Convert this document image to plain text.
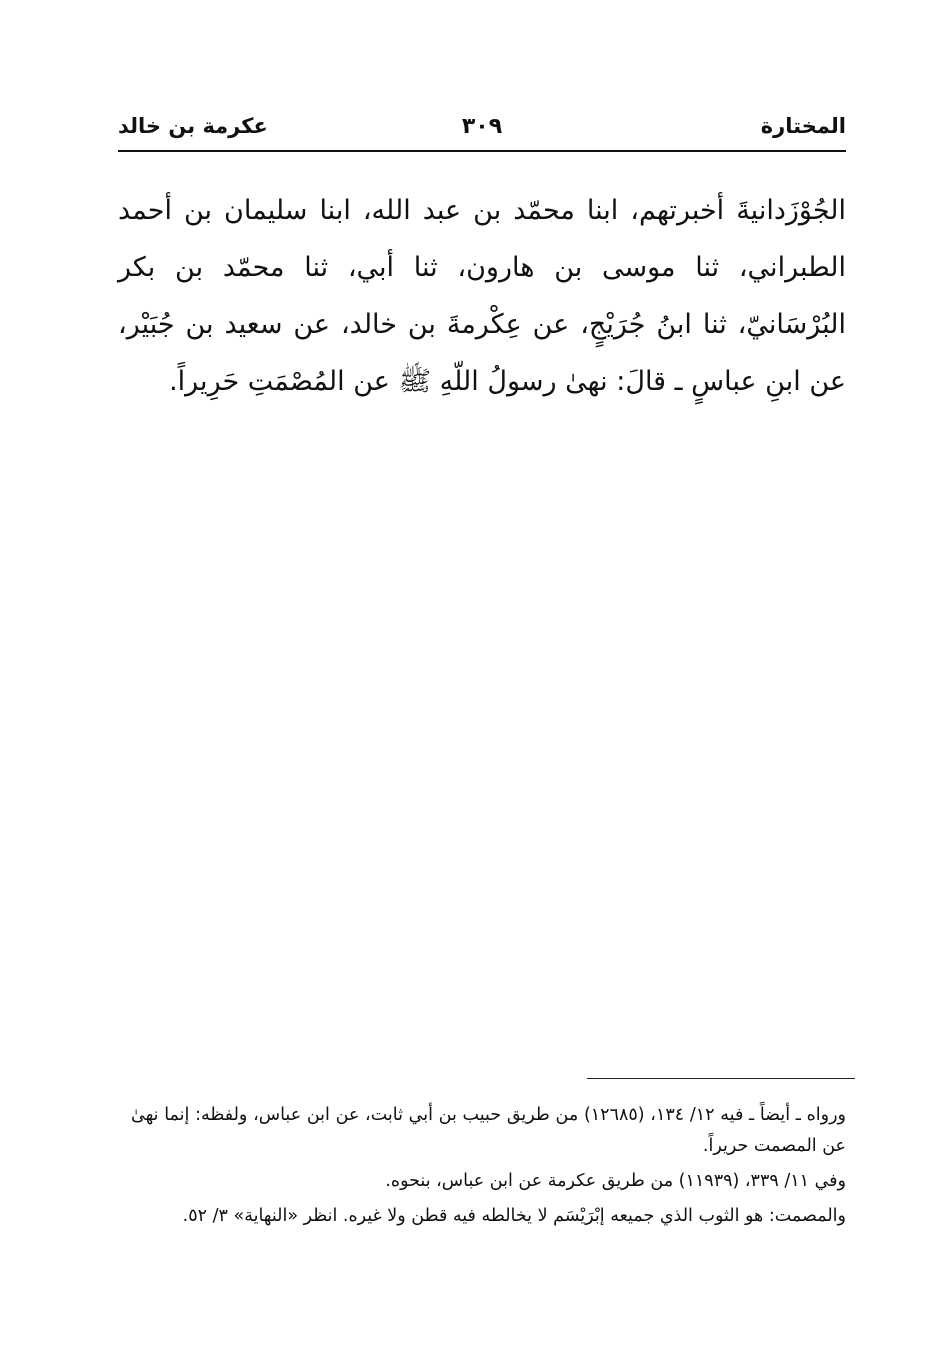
المختارة
٣٠٩
عكرمة بن خالد

الجُوْزَدانيةَ أخبرتهم، ابنا محمّد بن عبد الله، ابنا سليمان بن أحمد الطبراني، ثنا موسى بن هارون، ثنا أبي، ثنا محمّد بن بكر البُرْسَانيّ، ثنا ابنُ جُرَيْجٍ، عن عِكْرمةَ بن خالد، عن سعيد بن جُبَيْر، عن ابنِ عباسٍ ـ قالَ: نهىٰ رسولُ اللّهِ ﷺ عن المُصْمَتِ حَرِيراً.

ورواه ـ أيضاً ـ فيه ١٢/ ١٣٤، (١٢٦٨٥) من طريق حبيب بن أبي ثابت، عن ابن عباس، ولفظه: إنما نهىٰ عن المصمت حريراً.

وفي ١١/ ٣٣٩، (١١٩٣٩) من طريق عكرمة عن ابن عباس، بنحوه.

والمصمت: هو الثوب الذي جميعه إبْرَيْسَم لا يخالطه فيه قطن ولا غيره. انظر «النهاية» ٣/ ٥٢.
